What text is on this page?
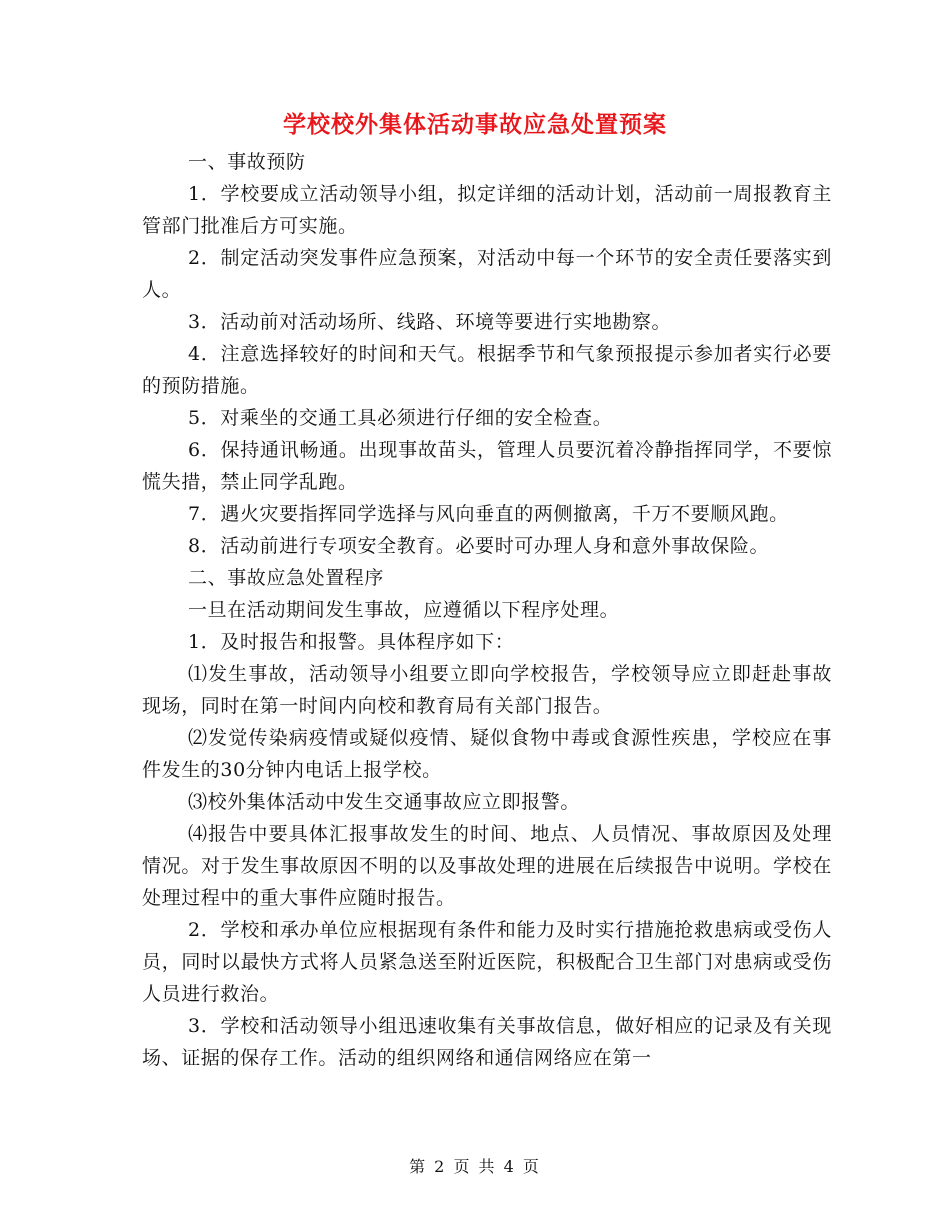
学校校外集体活动事故应急处置预案

一、事故预防

1．学校要成立活动领导小组，拟定详细的活动计划，活动前一周报教育主管部门批准后方可实施。

2．制定活动突发事件应急预案，对活动中每一个环节的安全责任要落实到人。

3．活动前对活动场所、线路、环境等要进行实地勘察。

4．注意选择较好的时间和天气。根据季节和气象预报提示参加者实行必要的预防措施。

5．对乘坐的交通工具必须进行仔细的安全检查。

6．保持通讯畅通。出现事故苗头，管理人员要沉着冷静指挥同学，不要惊慌失措，禁止同学乱跑。

7．遇火灾要指挥同学选择与风向垂直的两侧撤离，千万不要顺风跑。

8．活动前进行专项安全教育。必要时可办理人身和意外事故保险。

二、事故应急处置程序

一旦在活动期间发生事故，应遵循以下程序处理。

1．及时报告和报警。具体程序如下：

⑴发生事故，活动领导小组要立即向学校报告，学校领导应立即赶赴事故现场，同时在第一时间内向校和教育局有关部门报告。

⑵发觉传染病疫情或疑似疫情、疑似食物中毒或食源性疾患，学校应在事件发生的30分钟内电话上报学校。

⑶校外集体活动中发生交通事故应立即报警。

⑷报告中要具体汇报事故发生的时间、地点、人员情况、事故原因及处理情况。对于发生事故原因不明的以及事故处理的进展在后续报告中说明。学校在处理过程中的重大事件应随时报告。

2．学校和承办单位应根据现有条件和能力及时实行措施抢救患病或受伤人员，同时以最快方式将人员紧急送至附近医院，积极配合卫生部门对患病或受伤人员进行救治。

3．学校和活动领导小组迅速收集有关事故信息，做好相应的记录及有关现场、证据的保存工作。活动的组织网络和通信网络应在第一

第 2 页 共 4 页
